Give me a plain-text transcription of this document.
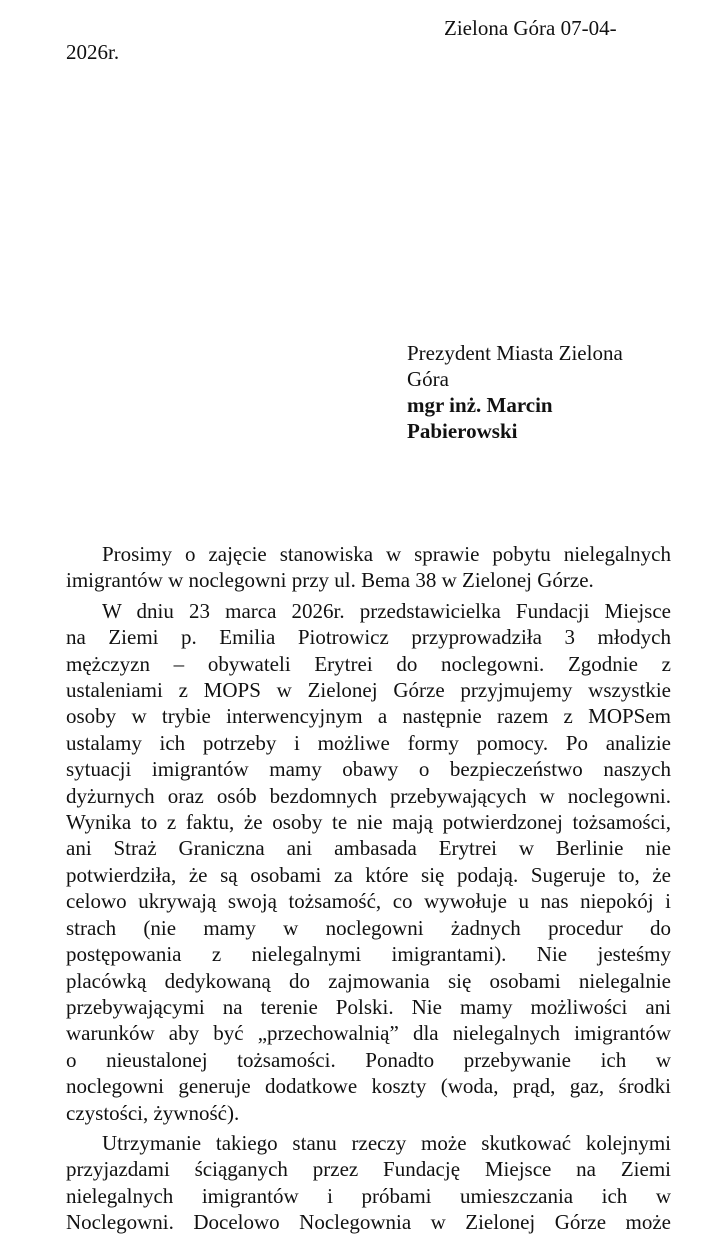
Zielona Góra 07-04-
2026r.
Prezydent Miasta Zielona
Góra
mgr inż. Marcin
Pabierowski

Prosimy o zajęcie stanowiska w sprawie pobytu nielegalnych
imigrantów w noclegowni przy ul. Bema 38 w Zielonej Górze.

W dniu 23 marca 2026r. przedstawicielka Fundacji Miejsce
na Ziemi p. Emilia Piotrowicz przyprowadziła 3 młodych
mężczyzn – obywateli Erytrei do noclegowni. Zgodnie z
ustaleniami z MOPS w Zielonej Górze przyjmujemy wszystkie
osoby w trybie interwencyjnym a następnie razem z MOPSem
ustalamy ich potrzeby i możliwe formy pomocy. Po analizie
sytuacji imigrantów mamy obawy o bezpieczeństwo naszych
dyżurnych oraz osób bezdomnych przebywających w noclegowni.
Wynika to z faktu, że osoby te nie mają potwierdzonej tożsamości,
ani Straż Graniczna ani ambasada Erytrei w Berlinie nie
potwierdziła, że są osobami za które się podają. Sugeruje to, że
celowo ukrywają swoją tożsamość, co wywołuje u nas niepokój i
strach (nie mamy w noclegowni żadnych procedur do
postępowania z nielegalnymi imigrantami). Nie jesteśmy
placówką dedykowaną do zajmowania się osobami nielegalnie
przebywającymi na terenie Polski. Nie mamy możliwości ani
warunków aby być „przechowalnią” dla nielegalnych imigrantów
o nieustalonej tożsamości. Ponadto przebywanie ich w
noclegowni generuje dodatkowe koszty (woda, prąd, gaz, środki
czystości, żywność).

Utrzymanie takiego stanu rzeczy może skutkować kolejnymi
przyjazdami ściąganych przez Fundację Miejsce na Ziemi
nielegalnych imigrantów i próbami umieszczania ich w
Noclegowni. Docelowo Noclegownia w Zielonej Górze może
